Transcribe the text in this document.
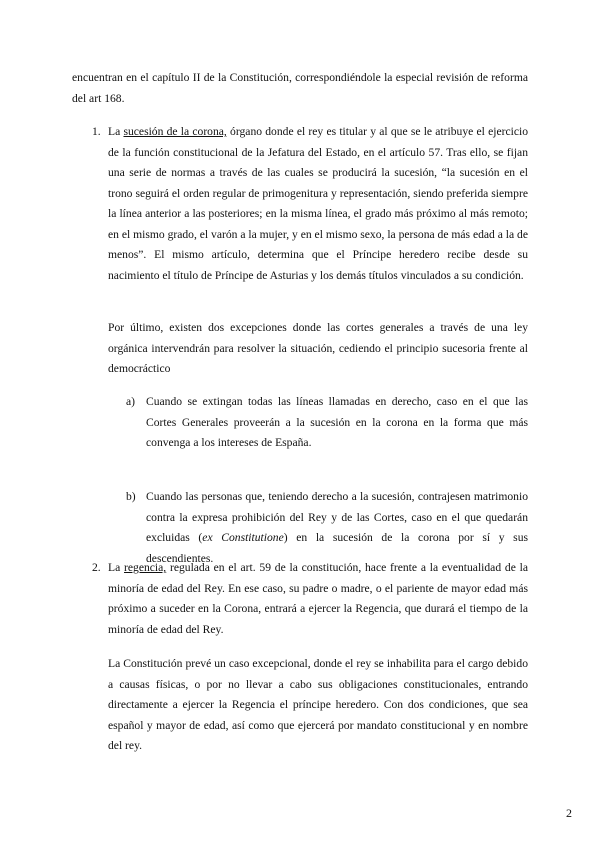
encuentran en el capítulo II de la Constitución, correspondiéndole la especial revisión de reforma del art 168.

1. La sucesión de la corona, órgano donde el rey es titular y al que se le atribuye el ejercicio de la función constitucional de la Jefatura del Estado, en el artículo 57. Tras ello, se fijan una serie de normas a través de las cuales se producirá la sucesión, “la sucesión en el trono seguirá el orden regular de primogenitura y representación, siendo preferida siempre la línea anterior a las posteriores; en la misma línea, el grado más próximo al más remoto; en el mismo grado, el varón a la mujer, y en el mismo sexo, la persona de más edad a la de menos”. El mismo artículo, determina que el Príncipe heredero recibe desde su nacimiento el título de Príncipe de Asturias y los demás títulos vinculados a su condición.

Por último, existen dos excepciones donde las cortes generales a través de una ley orgánica intervendrán para resolver la situación, cediendo el principio sucesoria frente al democráctico

a) Cuando se extingan todas las líneas llamadas en derecho, caso en el que las Cortes Generales proveerán a la sucesión en la corona en la forma que más convenga a los intereses de España.

b) Cuando las personas que, teniendo derecho a la sucesión, contrajesen matrimonio contra la expresa prohibición del Rey y de las Cortes, caso en el que quedarán excluidas (ex Constitutione) en la sucesión de la corona por sí y sus descendientes.

2. La regencia, regulada en el art. 59 de la constitución, hace frente a la eventualidad de la minoría de edad del Rey. En ese caso, su padre o madre, o el pariente de mayor edad más próximo a suceder en la Corona, entrará a ejercer la Regencia, que durará el tiempo de la minoría de edad del Rey.

La Constitución prevé un caso excepcional, donde el rey se inhabilita para el cargo debido a causas físicas, o por no llevar a cabo sus obligaciones constitucionales, entrando directamente a ejercer la Regencia el príncipe heredero. Con dos condiciones, que sea español y mayor de edad, así como que ejercerá por mandato constitucional y en nombre del rey.

2
